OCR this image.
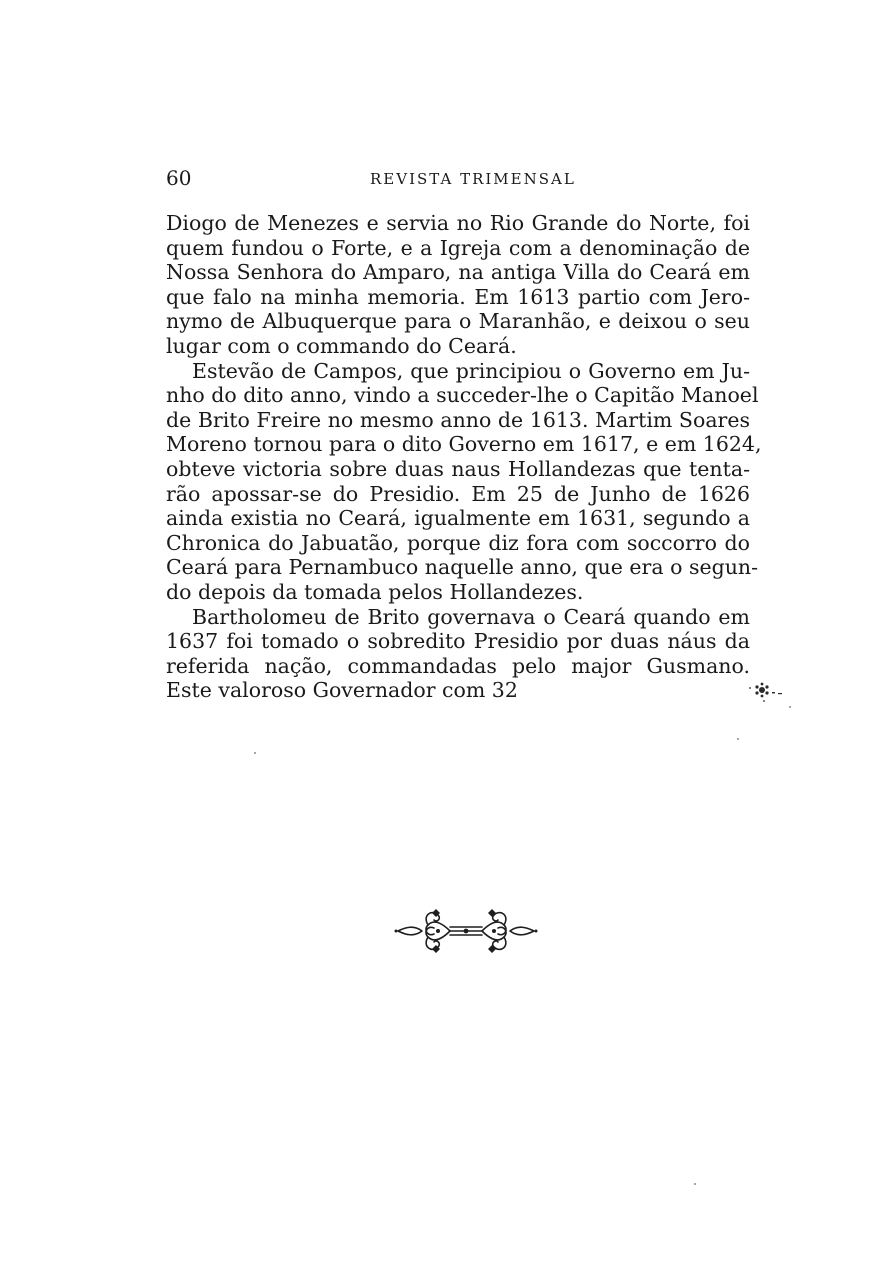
60	REVISTA TRIMENSAL
Diogo de Menezes e servia no Rio Grande do Norte, foi
quem fundou o Forte, e a Igreja com a denominação de
Nossa Senhora do Amparo, na antiga Villa do Ceará em
que falo na minha memoria. Em 1613 partio com Jero-
nymo de Albuquerque para o Maranhão, e deixou o seu
lugar com o commando do Ceará.
Estevão de Campos, que principiou o Governo em Ju-
nho do dito anno, vindo a succeder-lhe o Capitão Manoel
de Brito Freire no mesmo anno de 1613. Martim Soares
Moreno tornou para o dito Governo em 1617, e em 1624,
obteve victoria sobre duas naus Hollandezas que tenta-
rão apossar-se do Presidio. Em 25 de Junho de 1626
ainda existia no Ceará, igualmente em 1631, segundo a
Chronica do Jabuatão, porque diz fora com soccorro do
Ceará para Pernambuco naquelle anno, que era o segun-
do depois da tomada pelos Hollandezes.
Bartholomeu de Brito governava o Ceará quando em
1637 foi tomado o sobredito Presidio por duas náus da
referida nação, commandadas pelo major Gusmano.
Este valoroso Governador com 32
